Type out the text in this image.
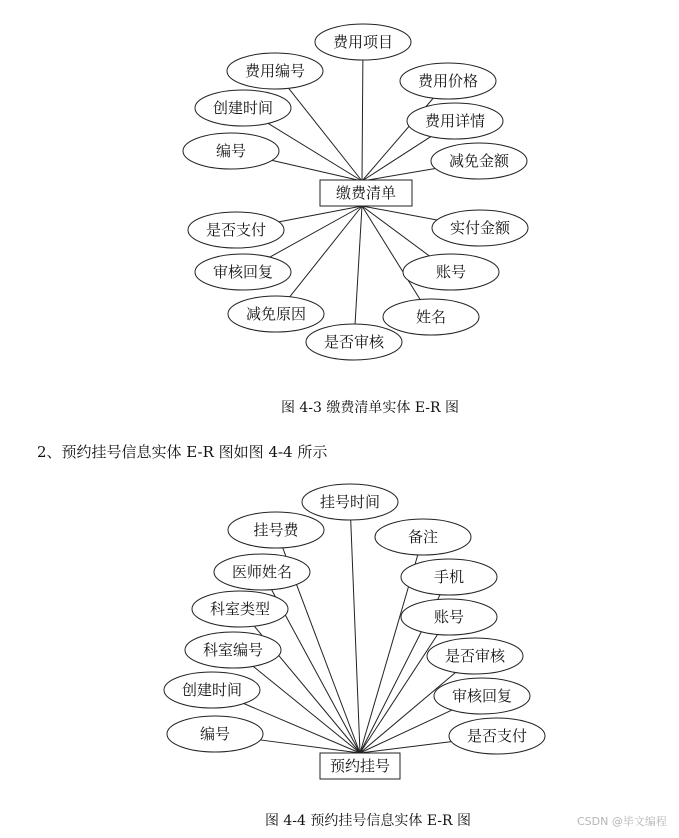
费用项目
费用编号
费用价格
创建时间
费用详情
编号
减免金额
是否支付	实付金额
审核回复	账号
减免原因	姓名
是否审核
缴费清单
图 4-3 缴费清单实体 E-R 图
2、预约挂号信息实体 E-R 图如图 4-4 所示
挂号时间
挂号费	备注
医师姓名	手机
科室类型	账号
科室编号	是否审核
创建时间	审核回复
编号	是否支付
预约挂号
图 4-4 预约挂号信息实体 E-R 图	CSDN @毕文编程
